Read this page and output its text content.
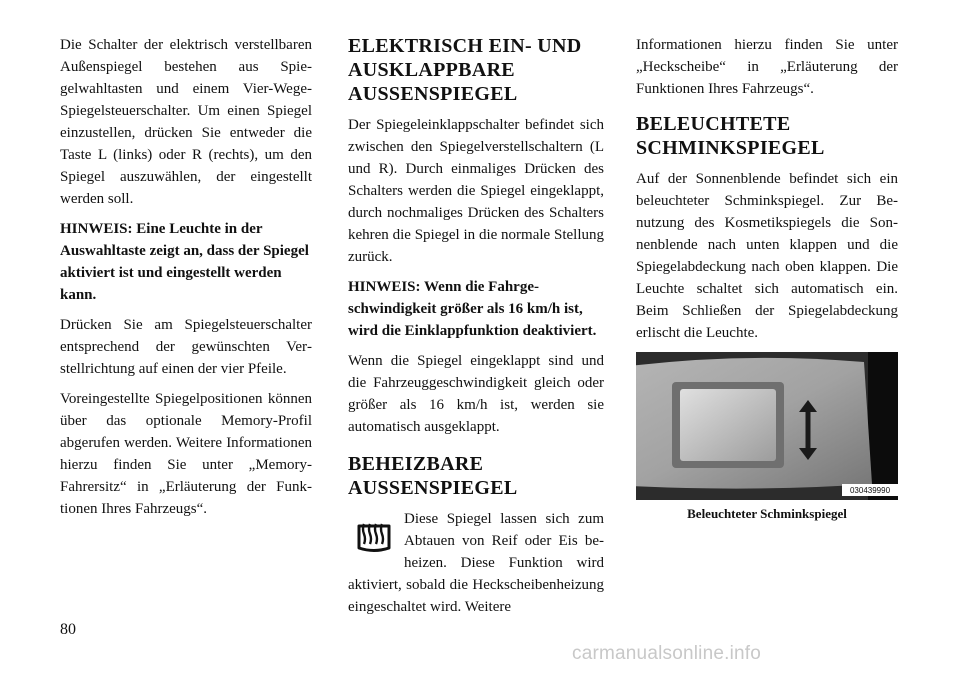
Die Schalter der elektrisch verstellbaren Außenspiegel bestehen aus Spiegelwahltasten und einem Vier-Wege-Spiegelsteuerschalter. Um einen Spiegel einzustellen, drücken Sie entweder die Taste L (links) oder R (rechts), um den Spiegel auszuwählen, der eingestellt werden soll.

HINWEIS: Eine Leuchte in der Auswahltaste zeigt an, dass der Spiegel aktiviert ist und eingestellt werden kann.

Drücken Sie am Spiegelsteuerschalter entsprechend der gewünschten Verstellrichtung auf einen der vier Pfeile.

Voreingestellte Spiegelpositionen können über das optionale Memory-Profil abgerufen werden. Weitere Informationen hierzu finden Sie unter „Memory-Fahrersitz“ in „Erläuterung der Funktionen Ihres Fahrzeugs“.

ELEKTRISCH EIN- UND AUSKLAPPBARE AUSSENSPIEGEL

Der Spiegeleinklappschalter befindet sich zwischen den Spiegelverstellschaltern (L und R). Durch einmaliges Drücken des Schalters werden die Spiegel eingeklappt, durch nochmaliges Drücken des Schalters kehren die Spiegel in die normale Stellung zurück.

HINWEIS: Wenn die Fahrgeschwindigkeit größer als 16 km/h ist, wird die Einklappfunktion deaktiviert.

Wenn die Spiegel eingeklappt sind und die Fahrzeuggeschwindigkeit gleich oder größer als 16 km/h ist, werden sie automatisch ausgeklappt.

BEHEIZBARE AUSSENSPIEGEL

Diese Spiegel lassen sich zum Abtauen von Reif oder Eis beheizen. Diese Funktion wird aktiviert, sobald die Heckscheibenheizung eingeschaltet wird. Weitere

Informationen hierzu finden Sie unter „Heckscheibe“ in „Erläuterung der Funktionen Ihres Fahrzeugs“.

BELEUCHTETE SCHMINKSPIEGEL

Auf der Sonnenblende befindet sich ein beleuchteter Schminkspiegel. Zur Benutzung des Kosmetikspiegels die Sonnenblende nach unten klappen und die Spiegelabdeckung nach oben klappen. Die Leuchte schaltet sich automatisch ein. Beim Schließen der Spiegelabdeckung erlischt die Leuchte.

030439990
Beleuchteter Schminkspiegel
80
carmanualsonline.info
